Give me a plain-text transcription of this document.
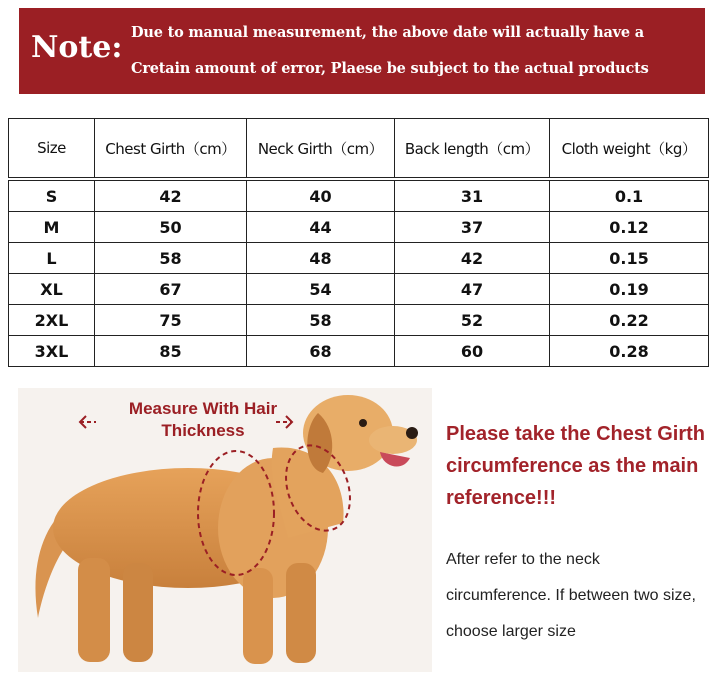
Note: Due to manual measurement, the above date will actually have a
Cretain amount of error, Plaese be subject to the actual products
Size	Chest Girth（cm）	Neck Girth（cm）	Back length（cm）	Cloth weight（kg）

S	42	40	31	0.1
M	50	44	37	0.12
L	58	48	42	0.15
XL	67	54	47	0.19
2XL	75	58	52	0.22
3XL	85	68	60	0.28
Measure With Hair
Thickness	Please take the Chest Girth circumference as the main reference!!!
After refer to the neck circumference. If between two size, choose larger size
